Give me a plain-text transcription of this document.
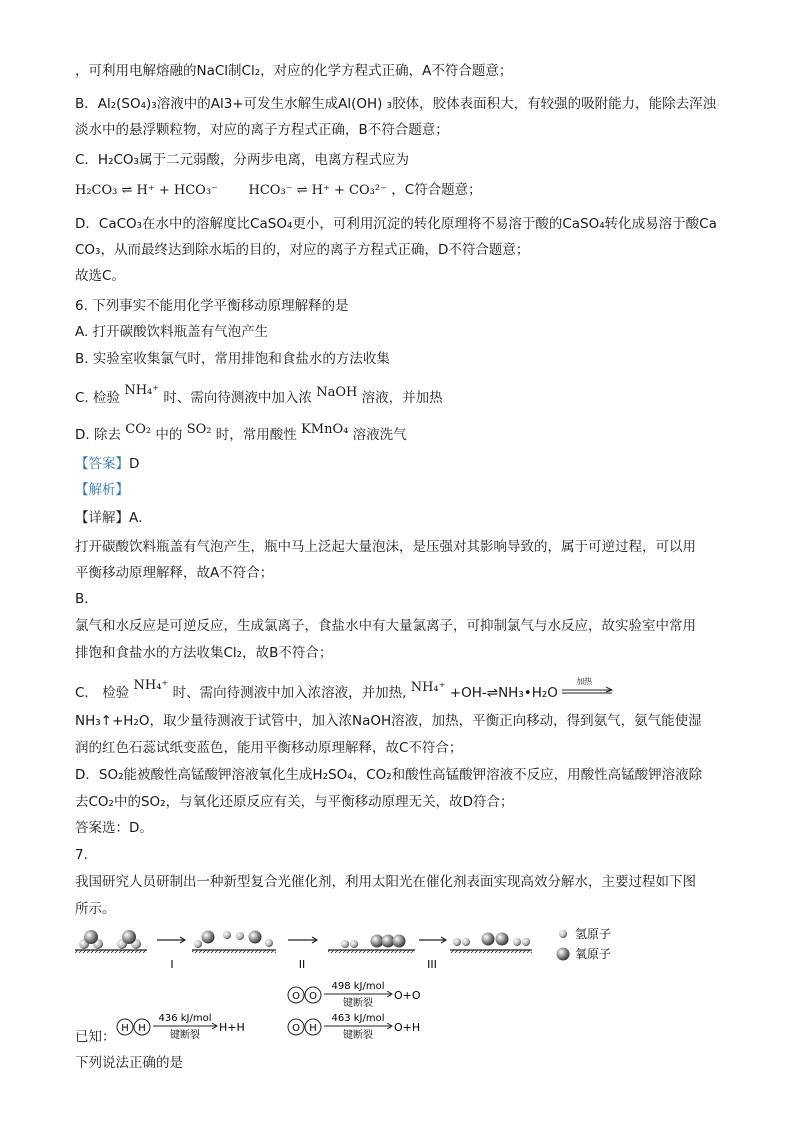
，可利用电解熔融的NaCl制Cl₂，对应的化学方程式正确，A不符合题意；
B．Al₂(SO₄)₃溶液中的Al3+可发生水解生成Al(OH) ₃胶体，胶体表面积大，有较强的吸附能力，能除去浑浊
淡水中的悬浮颗粒物，对应的离子方程式正确，B不符合题意；
C．H₂CO₃属于二元弱酸，分两步电离，电离方程式应为
H₂CO₃ ⇌ H⁺ + HCO₃⁻ HCO₃⁻ ⇌ H⁺ + CO₃²⁻ ，C符合题意；
D．CaCO₃在水中的溶解度比CaSO₄更小，可利用沉淀的转化原理将不易溶于酸的CaSO₄转化成易溶于酸Ca
CO₃，从而最终达到除水垢的目的，对应的离子方程式正确，D不符合题意；
故选C。
6. 下列事实不能用化学平衡移动原理解释的是
A. 打开碳酸饮料瓶盖有气泡产生
B. 实验室收集氯气时，常用排饱和食盐水的方法收集
C. 检验 NH₄⁺ 时、需向待测液中加入浓 NaOH 溶液，并加热
D. 除去 CO₂ 中的 SO₂ 时，常用酸性 KMnO₄ 溶液洗气
【答案】D
【解析】
【详解】A．
打开碳酸饮料瓶盖有气泡产生，瓶中马上泛起大量泡沫，是压强对其影响导致的，属于可逆过程，可以用
平衡移动原理解释，故A不符合；
B．
氯气和水反应是可逆反应，生成氯离子，食盐水中有大量氯离子，可抑制氯气与水反应，故实验室中常用
排饱和食盐水的方法收集Cl₂，故B不符合；
C． 检验 NH₄⁺ 时、需向待测液中加入浓溶液，并加热, NH₄⁺ +OH-⇌NH₃•H₂O
加热
NH₃↑+H₂O，取少量待测液于试管中，加入浓NaOH溶液，加热，平衡正向移动，得到氨气，氨气能使湿
润的红色石蕊试纸变蓝色，能用平衡移动原理解释，故C不符合；
D．SO₂能被酸性高锰酸钾溶液氧化生成H₂SO₄，CO₂和酸性高锰酸钾溶液不反应，用酸性高锰酸钾溶液除
去CO₂中的SO₂，与氧化还原反应有关，与平衡移动原理无关，故D符合；
答案选：D。
7.
我国研究人员研制出一种新型复合光催化剂，利用太阳光在催化剂表面实现高效分解水，主要过程如下图
所示。
I	II	III
氢原子
氧原子
O O
498 kJ/mol
键断裂
O+O
已知：
H H
436 kJ/mol
键断裂
H+H	O H
463 kJ/mol
键断裂
O+H
下列说法正确的是
